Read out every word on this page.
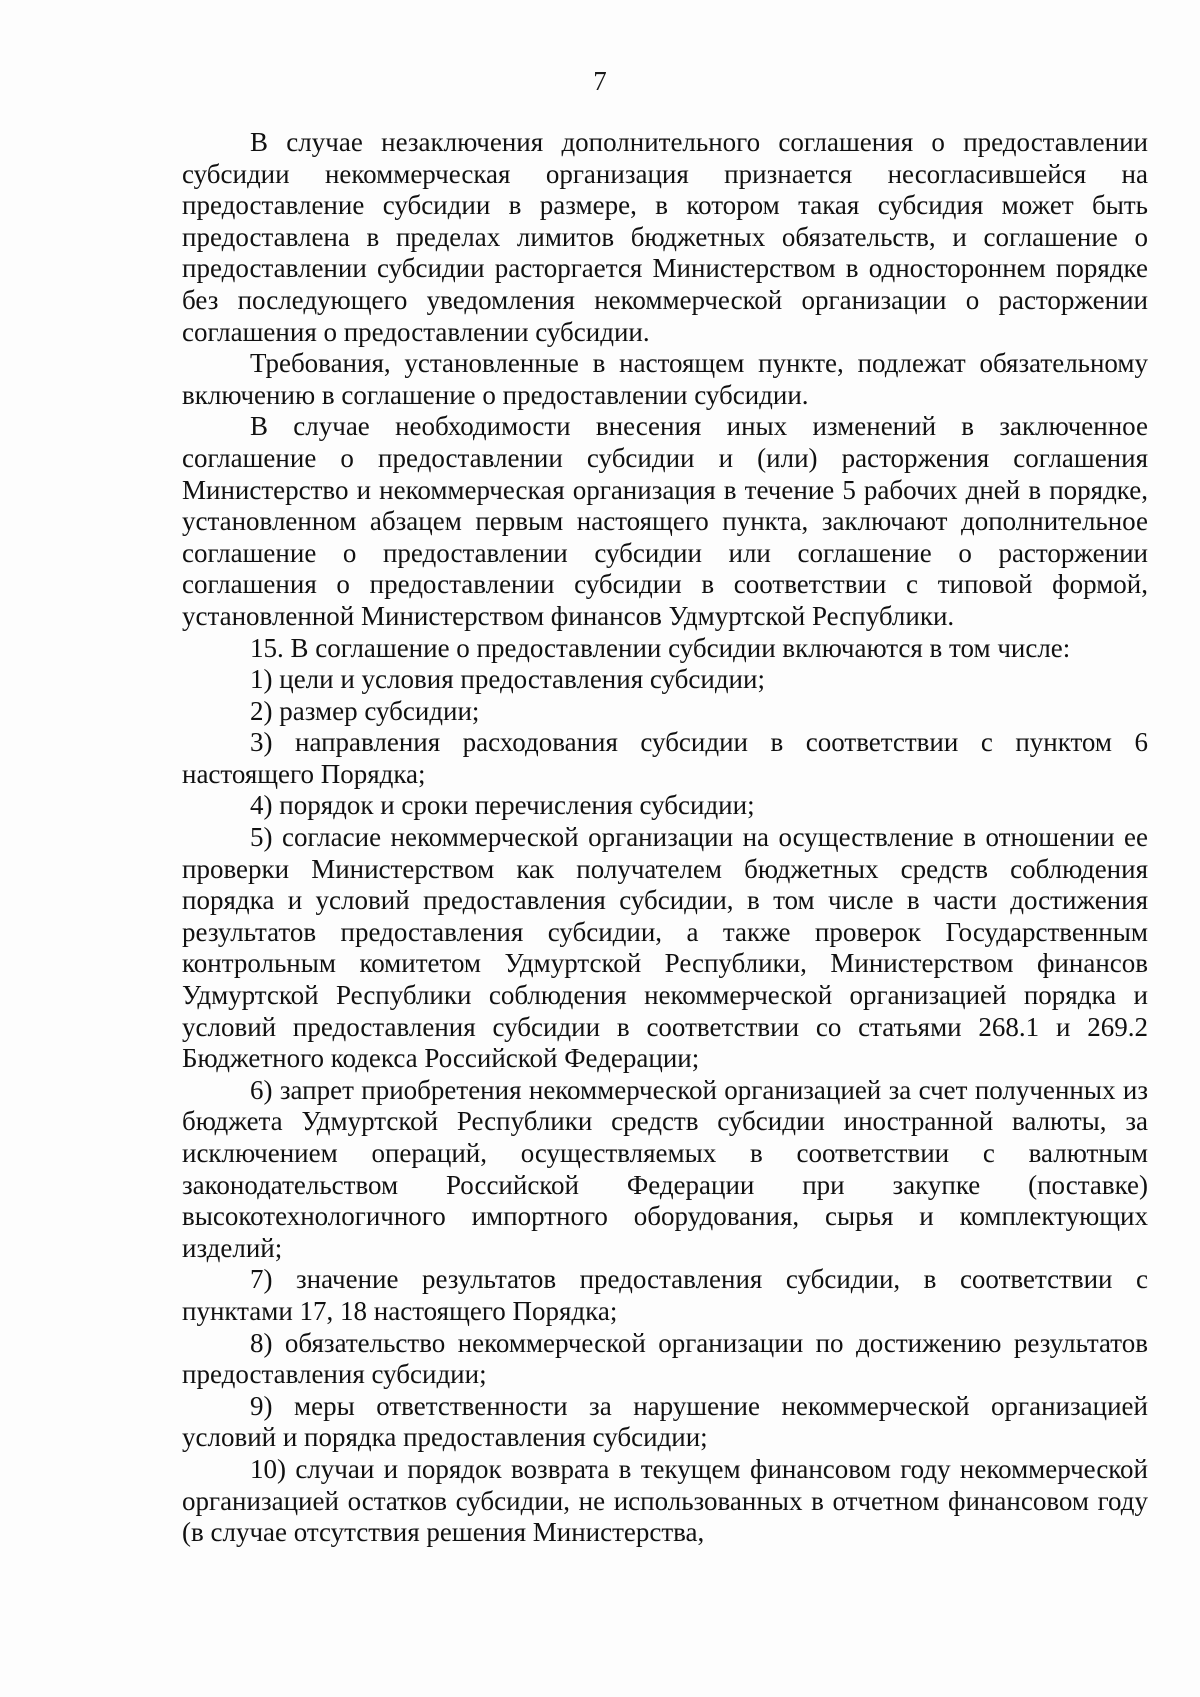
7

В случае незаключения дополнительного соглашения о предоставлении субсидии некоммерческая организация признается несогласившейся на предоставление субсидии в размере, в котором такая субсидия может быть предоставлена в пределах лимитов бюджетных обязательств, и соглашение о предоставлении субсидии расторгается Министерством в одностороннем порядке без последующего уведомления некоммерческой организации о расторжении соглашения о предоставлении субсидии.

Требования, установленные в настоящем пункте, подлежат обязательному включению в соглашение о предоставлении субсидии.

В случае необходимости внесения иных изменений в заключенное соглашение о предоставлении субсидии и (или) расторжения соглашения Министерство и некоммерческая организация в течение 5 рабочих дней в порядке, установленном абзацем первым настоящего пункта, заключают дополнительное соглашение о предоставлении субсидии или соглашение о расторжении соглашения о предоставлении субсидии в соответствии с типовой формой, установленной Министерством финансов Удмуртской Республики.

15. В соглашение о предоставлении субсидии включаются в том числе:

1) цели и условия предоставления субсидии;

2) размер субсидии;

3) направления расходования субсидии в соответствии с пунктом 6 настоящего Порядка;

4) порядок и сроки перечисления субсидии;

5) согласие некоммерческой организации на осуществление в отношении ее проверки Министерством как получателем бюджетных средств соблюдения порядка и условий предоставления субсидии, в том числе в части достижения результатов предоставления субсидии, а также проверок Государственным контрольным комитетом Удмуртской Республики, Министерством финансов Удмуртской Республики соблюдения некоммерческой организацией порядка и условий предоставления субсидии в соответствии со статьями 268.1 и 269.2 Бюджетного кодекса Российской Федерации;

6) запрет приобретения некоммерческой организацией за счет полученных из бюджета Удмуртской Республики средств субсидии иностранной валюты, за исключением операций, осуществляемых в соответствии с валютным законодательством Российской Федерации при закупке (поставке) высокотехнологичного импортного оборудования, сырья и комплектующих изделий;

7) значение результатов предоставления субсидии, в соответствии с пунктами 17, 18 настоящего Порядка;

8) обязательство некоммерческой организации по достижению результатов предоставления субсидии;

9) меры ответственности за нарушение некоммерческой организацией условий и порядка предоставления субсидии;

10) случаи и порядок возврата в текущем финансовом году некоммерческой организацией остатков субсидии, не использованных в отчетном финансовом году (в случае отсутствия решения Министерства,
